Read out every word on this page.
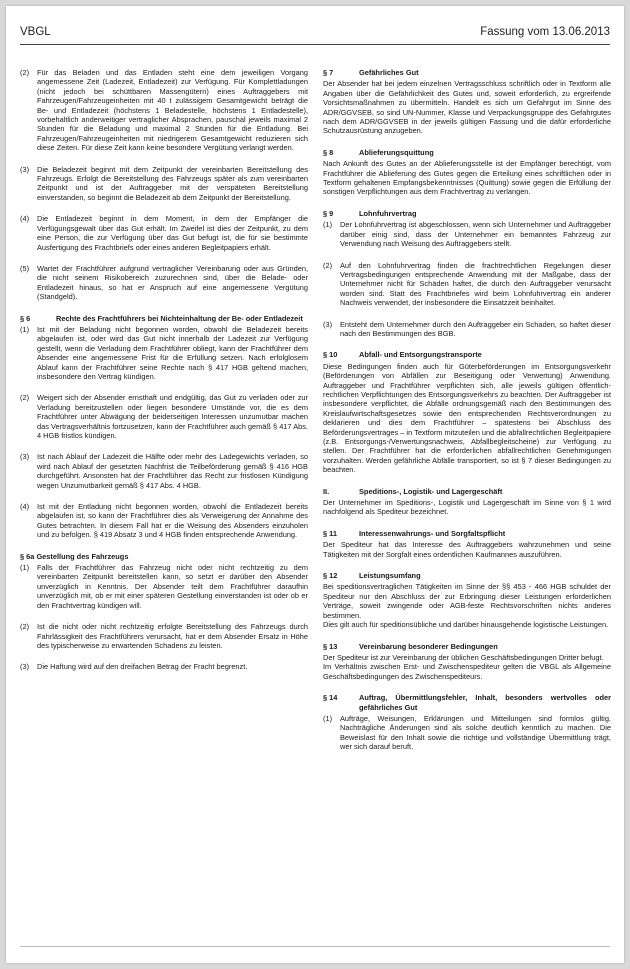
VBGL	Fassung vom 13.06.2013
(2)	Für das Beladen und das Entladen steht eine dem jeweiligen Vorgang angemessene Zeit (Ladezeit, Entladezeit) zur Verfügung. Für Komplettladungen (nicht jedoch bei schüttbaren Massengütern) eines Auftraggebers mit Fahrzeugen/Fahrzeugeinheiten mit 40 t zulässigem Gesamtgewicht beträgt die Be- und Entladezeit (höchstens 1 Beladestelle, höchstens 1 Entladestelle), vorbehaltlich anderweitiger vertraglicher Absprachen, pauschal jeweils maximal 2 Stunden für die Beladung und maximal 2 Stunden für die Entladung. Bei Fahrzeugen/Fahrzeugeinheiten mit niedrigerem Gesamtgewicht reduzieren sich diese Zeiten. Für diese Zeit kann keine besondere Vergütung verlangt werden.
(3)	Die Beladezeit beginnt mit dem Zeitpunkt der vereinbarten Bereitstellung des Fahrzeugs. Erfolgt die Bereitstellung des Fahrzeugs später als zum vereinbarten Zeitpunkt und ist der Auftraggeber mit der verspäteten Bereitstellung einverstanden, so beginnt die Beladezeit ab dem Zeitpunkt der Bereitstellung.
(4)	Die Entladezeit beginnt in dem Moment, in dem der Empfänger die Verfügungsgewalt über das Gut erhält. Im Zweifel ist dies der Zeitpunkt, zu dem eine Person, die zur Verfügung über das Gut befugt ist, die für sie bestimmte Ausfertigung des Frachtbriefs oder eines anderen Begleitpapiers erhält.
(5)	Wartet der Frachtführer aufgrund vertraglicher Vereinbarung oder aus Gründen, die nicht seinem Risikobereich zuzurechnen sind, über die Belade- oder Entladezeit hinaus, so hat er Anspruch auf eine angemessene Vergütung (Standgeld).
§ 6	Rechte des Frachtführers bei Nichteinhaltung der Be- oder Entladezeit
(1)	Ist mit der Beladung nicht begonnen worden, obwohl die Beladezeit bereits abgelaufen ist, oder wird das Gut nicht innerhalb der Ladezeit zur Verfügung gestellt, wenn die Verladung dem Frachtführer obliegt, kann der Frachtführer dem Absender eine angemessene Frist für die Erfüllung setzen. Nach erfolglosem Ablauf kann der Frachtführer seine Rechte nach § 417 HGB geltend machen, insbesondere den Vertrag kündigen.
(2)	Weigert sich der Absender ernsthaft und endgültig, das Gut zu verladen oder zur Verladung bereitzustellen oder liegen besondere Umstände vor, die es dem Frachtführer unter Abwägung der beiderseitigen Interessen unzumutbar machen das Vertragsverhältnis fortzusetzen, kann der Frachtführer auch gemäß § 417 Abs. 4 HGB fristlos kündigen.
(3)	Ist nach Ablauf der Ladezeit die Hälfte oder mehr des Ladegewichts verladen, so wird nach Ablauf der gesetzten Nachfrist die Teilbeförderung gemäß § 416 HGB durchgeführt. Ansonsten hat der Frachtführer das Recht zur fristlosen Kündigung wegen Unzumutbarkeit gemäß § 417 Abs. 4 HGB.
(4)	Ist mit der Entladung nicht begonnen worden, obwohl die Entladezeit bereits abgelaufen ist, so kann der Frachtführer dies als Verweigerung der Annahme des Gutes betrachten. In diesem Fall hat er die Weisung des Absenders einzuholen und zu befolgen. § 419 Absatz 3 und 4 HGB finden entsprechende Anwendung.
§ 6a Gestellung des Fahrzeugs
(1)	Falls der Frachtführer das Fahrzeug nicht oder nicht rechtzeitig zu dem vereinbarten Zeitpunkt bereitstellen kann, so setzt er darüber den Absender unverzüglich in Kenntnis. Der Absender teilt dem Frachtführer daraufhin unverzüglich mit, ob er mit einer späteren Gestellung einverstanden ist oder ob er den Frachtvertrag kündigen will.
(2)	Ist die nicht oder nicht rechtzeitig erfolgte Bereitstellung des Fahrzeugs durch Fahrlässigkeit des Frachtführers verursacht, hat er dem Absender Ersatz in Höhe des typischerweise zu erwartenden Schadens zu leisten.
(3)	Die Haftung wird auf den dreifachen Betrag der Fracht begrenzt.
§ 7	Gefährliches Gut
Der Absender hat bei jedem einzelnen Vertragsschluss schriftlich oder in Textform alle Angaben über die Gefährlichkeit des Gutes und, soweit erforderlich, zu ergreifende Vorsichtsmaßnahmen zu übermitteln. Handelt es sich um Gefahrgut im Sinne des ADR/GGVSEB, so sind UN-Nummer, Klasse und Verpackungsgruppe des Gefahrgutes nach dem ADR/GGVSEB in der jeweils gültigen Fassung und die dafür erforderliche Schutzausrüstung anzugeben.
§ 8	Ablieferungsquittung
Nach Ankunft des Gutes an der Ablieferungsstelle ist der Empfänger berechtigt, vom Frachtführer die Ablieferung des Gutes gegen die Erteilung eines schriftlichen oder in Textform gehaltenen Empfangsbekenntnisses (Quittung) sowie gegen die Erfüllung der sonstigen Verpflichtungen aus dem Frachtvertrag zu verlangen.
§ 9	Lohnfuhrvertrag
(1)	Der Lohnfuhrvertrag ist abgeschlossen, wenn sich Unternehmer und Auftraggeber darüber einig sind, dass der Unternehmer ein bemanntes Fahrzeug zur Verwendung nach Weisung des Auftraggebers stellt.
(2)	Auf den Lohnfuhrvertrag finden die frachtrechtlichen Regelungen dieser Vertragsbedingungen entsprechende Anwendung mit der Maßgabe, dass der Unternehmer nicht für Schäden haftet, die durch den Auftraggeber verursacht worden sind. Statt des Frachtbriefes wird beim Lohnfuhrvertrag ein anderer Nachweis verwendet, der insbesondere die Einsatzzeit beinhaltet.
(3)	Entsteht dem Unternehmer durch den Auftraggeber ein Schaden, so haftet dieser nach den Bestimmungen des BGB.
§ 10	Abfall- und Entsorgungstransporte
Diese Bedingungen finden auch für Güterbeförderungen im Entsorgungsverkehr (Beförderungen von Abfällen zur Beseitigung oder Verwertung) Anwendung. Auftraggeber und Frachtführer verpflichten sich, alle jeweils gültigen öffentlich-rechtlichen Verpflichtungen des Entsorgungsverkehrs zu beachten. Der Auftraggeber ist insbesondere verpflichtet, die Abfälle ordnungsgemäß nach den Bestimmungen des Kreislaufwirtschaftsgesetzes sowie den entsprechenden Rechtsverordnungen zu deklarieren und dies dem Frachtführer – spätestens bei Abschluss des Beförderungsvertrages – in Textform mitzuteilen und die abfallrechtlichen Begleitpapiere (z.B. Entsorgungs-/Verwertungsnachweis, Abfallbegleitscheine) zur Verfügung zu stellen. Der Frachtführer hat die erforderlichen abfallrechtlichen Genehmigungen vorzuhalten. Werden gefährliche Abfälle transportiert, so ist § 7 dieser Bedingungen zu beachten.
II.	Speditions-, Logistik- und Lagergeschäft
Der Unternehmer im Speditions-, Logistik und Lagergeschäft im Sinne von § 1 wird nachfolgend als Spediteur bezeichnet.
§ 11	Interessenwahrungs- und Sorgfaltspflicht
Der Spediteur hat das Interesse des Auftraggebers wahrzunehmen und seine Tätigkeiten mit der Sorgfalt eines ordentlichen Kaufmannes auszuführen.
§ 12	Leistungsumfang
Bei speditionsvertraglichen Tätigkeiten im Sinne der §§ 453 - 466 HGB schuldet der Spediteur nur den Abschluss der zur Erbringung dieser Leistungen erforderlichen Verträge, soweit zwingende oder AGB-feste Rechtsvorschriften nichts anderes bestimmen.
Dies gilt auch für speditionsübliche und darüber hinausgehende logistische Leistungen.
§ 13	Vereinbarung besonderer Bedingungen
Der Spediteur ist zur Vereinbarung der üblichen Geschäftsbedingungen Dritter befugt.
Im Verhältnis zwischen Erst- und Zwischenspediteur gelten die VBGL als Allgemeine Geschäftsbedingungen des Zwischenspediteurs.
§ 14	Auftrag, Übermittlungsfehler, Inhalt, besonders wertvolles oder gefährliches Gut
(1)	Aufträge, Weisungen, Erklärungen und Mitteilungen sind formlos gültig. Nachträgliche Änderungen sind als solche deutlich kenntlich zu machen. Die Beweislast für den Inhalt sowie die richtige und vollständige Übermittlung trägt, wer sich darauf beruft.
